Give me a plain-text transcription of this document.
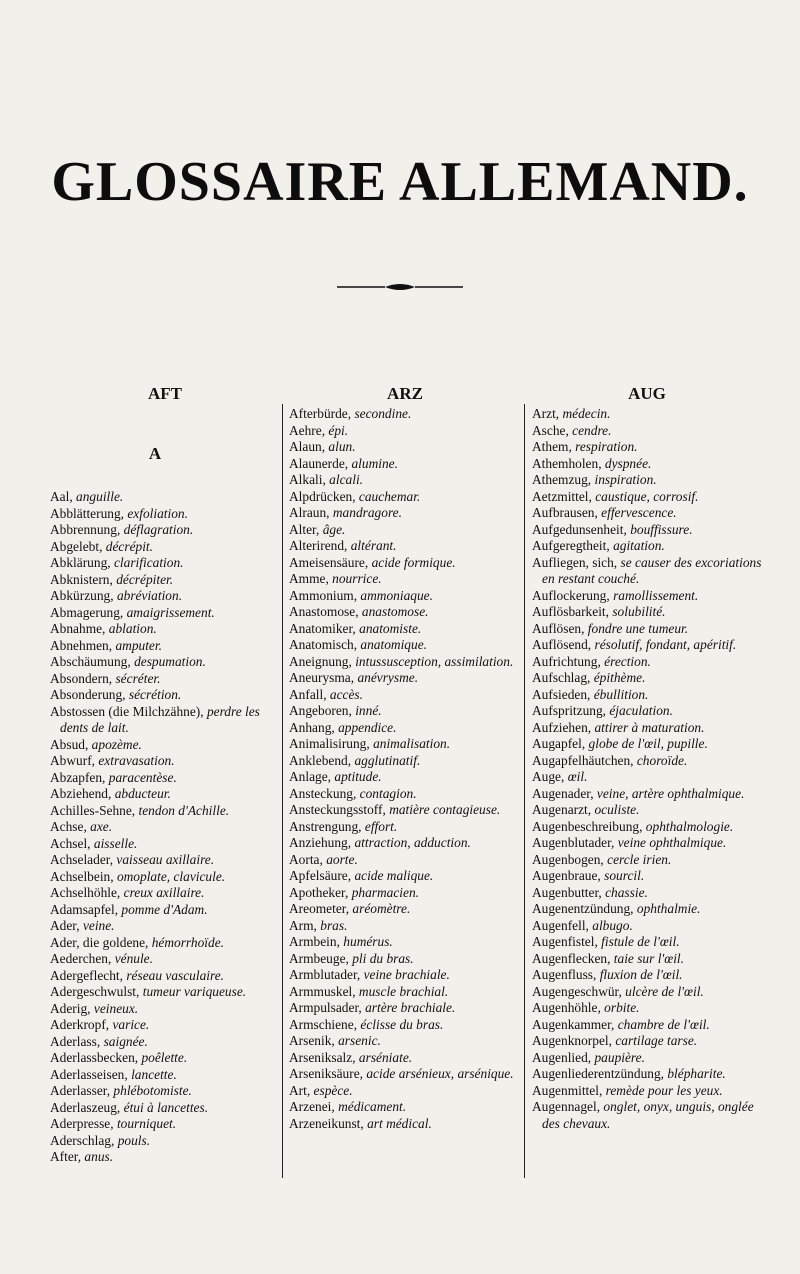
GLOSSAIRE ALLEMAND.
AFT	ARZ	AUG
A
Aal, anguille.
Abblätterung, exfoliation.
Abbrennung, déflagration.
Abgelebt, décrépit.
Abklärung, clarification.
Abknistern, décrépiter.
Abkürzung, abréviation.
Abmagerung, amaigrissement.
Abnahme, ablation.
Abnehmen, amputer.
Abschäumung, despumation.
Absondern, sécréter.
Absonderung, sécrétion.
Abstossen (die Milchzähne), perdre les dents de lait.
Absud, apozème.
Abwurf, extravasation.
Abzapfen, paracentèse.
Abziehend, abducteur.
Achilles-Sehne, tendon d'Achille.
Achse, axe.
Achsel, aisselle.
Achselader, vaisseau axillaire.
Achselbein, omoplate, clavicule.
Achselhöhle, creux axillaire.
Adamsapfel, pomme d'Adam.
Ader, veine.
Ader, die goldene, hémorrhoïde.
Aederchen, vénule.
Adergeflecht, réseau vasculaire.
Adergeschwulst, tumeur variqueuse.
Aderig, veineux.
Aderkropf, varice.
Aderlass, saignée.
Aderlassbecken, poêlette.
Aderlasseisen, lancette.
Aderlasser, phlébotomiste.
Aderlaszeug, étui à lancettes.
Aderpresse, tourniquet.
Aderschlag, pouls.
After, anus.
Afterbürde, secondine.
Aehre, épi.
Alaun, alun.
Alaunerde, alumine.
Alkali, alcali.
Alpdrücken, cauchemar.
Alraun, mandragore.
Alter, âge.
Alterirend, altérant.
Ameisensäure, acide formique.
Amme, nourrice.
Ammonium, ammoniaque.
Anastomose, anastomose.
Anatomiker, anatomiste.
Anatomisch, anatomique.
Aneignung, intussusception, assimilation.
Aneurysma, anévrysme.
Anfall, accès.
Angeboren, inné.
Anhang, appendice.
Animalisirung, animalisation.
Anklebend, agglutinatif.
Anlage, aptitude.
Ansteckung, contagion.
Ansteckungsstoff, matière contagieuse.
Anstrengung, effort.
Anziehung, attraction, adduction.
Aorta, aorte.
Apfelsäure, acide malique.
Apotheker, pharmacien.
Areometer, aréomètre.
Arm, bras.
Armbein, humérus.
Armbeuge, pli du bras.
Armblutader, veine brachiale.
Armmuskel, muscle brachial.
Armpulsader, artère brachiale.
Armschiene, éclisse du bras.
Arsenik, arsenic.
Arseniksalz, arséniate.
Arseniksäure, acide arsénieux, arsénique.
Art, espèce.
Arzenei, médicament.
Arzeneikunst, art médical.
Arzt, médecin.
Asche, cendre.
Athem, respiration.
Athemholen, dyspnée.
Athemzug, inspiration.
Aetzmittel, caustique, corrosif.
Aufbrausen, effervescence.
Aufgedunsenheit, bouffissure.
Aufgeregtheit, agitation.
Aufliegen, sich, se causer des excoriations en restant couché.
Auflockerung, ramollissement.
Auflösbarkeit, solubilité.
Auflösen, fondre une tumeur.
Auflösend, résolutif, fondant, apéritif.
Aufrichtung, érection.
Aufschlag, épithème.
Aufsieden, ébullition.
Aufspritzung, éjaculation.
Aufziehen, attirer à maturation.
Augapfel, globe de l'œil, pupille.
Augapfelhäutchen, choroïde.
Auge, œil.
Augenader, veine, artère ophthalmique.
Augenarzt, oculiste.
Augenbeschreibung, ophthalmologie.
Augenblutader, veine ophthalmique.
Augenbogen, cercle irien.
Augenbraue, sourcil.
Augenbutter, chassie.
Augenentzündung, ophthalmie.
Augenfell, albugo.
Augenfistel, fistule de l'œil.
Augenflecken, taie sur l'œil.
Augenfluss, fluxion de l'œil.
Augengeschwür, ulcère de l'œil.
Augenhöhle, orbite.
Augenkammer, chambre de l'œil.
Augenknorpel, cartilage tarse.
Augenlied, paupière.
Augenliederentzündung, blépharite.
Augenmittel, remède pour les yeux.
Augennagel, onglet, onyx, unguis, onglée des chevaux.
